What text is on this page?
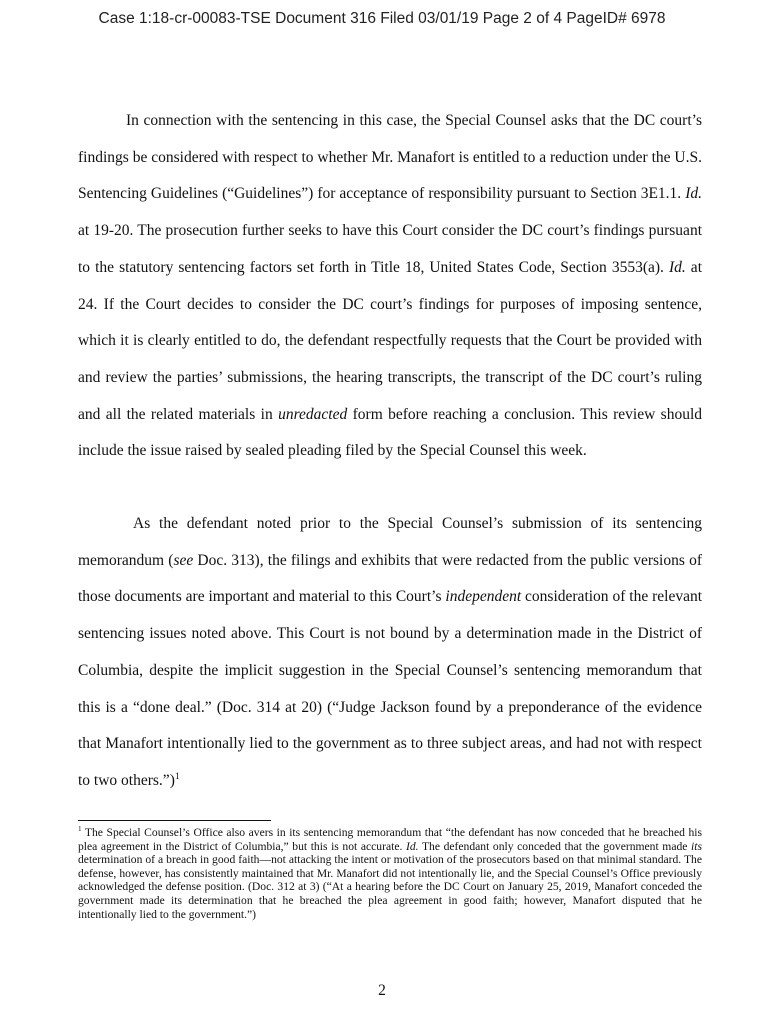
Case 1:18-cr-00083-TSE Document 316 Filed 03/01/19 Page 2 of 4 PageID# 6978

In connection with the sentencing in this case, the Special Counsel asks that the DC court’s findings be considered with respect to whether Mr. Manafort is entitled to a reduction under the U.S. Sentencing Guidelines (“Guidelines”) for acceptance of responsibility pursuant to Section 3E1.1. Id. at 19-20. The prosecution further seeks to have this Court consider the DC court’s findings pursuant to the statutory sentencing factors set forth in Title 18, United States Code, Section 3553(a). Id. at 24. If the Court decides to consider the DC court’s findings for purposes of imposing sentence, which it is clearly entitled to do, the defendant respectfully requests that the Court be provided with and review the parties’ submissions, the hearing transcripts, the transcript of the DC court’s ruling and all the related materials in unredacted form before reaching a conclusion. This review should include the issue raised by sealed pleading filed by the Special Counsel this week.

As the defendant noted prior to the Special Counsel’s submission of its sentencing memorandum (see Doc. 313), the filings and exhibits that were redacted from the public versions of those documents are important and material to this Court’s independent consideration of the relevant sentencing issues noted above. This Court is not bound by a determination made in the District of Columbia, despite the implicit suggestion in the Special Counsel’s sentencing memorandum that this is a “done deal.” (Doc. 314 at 20) (“Judge Jackson found by a preponderance of the evidence that Manafort intentionally lied to the government as to three subject areas, and had not with respect to two others.”)$^1$

$^1$ The Special Counsel’s Office also avers in its sentencing memorandum that “the defendant has now conceded that he breached his plea agreement in the District of Columbia,” but this is not accurate. Id. The defendant only conceded that the government made its determination of a breach in good faith—not attacking the intent or motivation of the prosecutors based on that minimal standard. The defense, however, has consistently maintained that Mr. Manafort did not intentionally lie, and the Special Counsel’s Office previously acknowledged the defense position. (Doc. 312 at 3) (“At a hearing before the DC Court on January 25, 2019, Manafort conceded the government made its determination that he breached the plea agreement in good faith; however, Manafort disputed that he intentionally lied to the government.”)

2
